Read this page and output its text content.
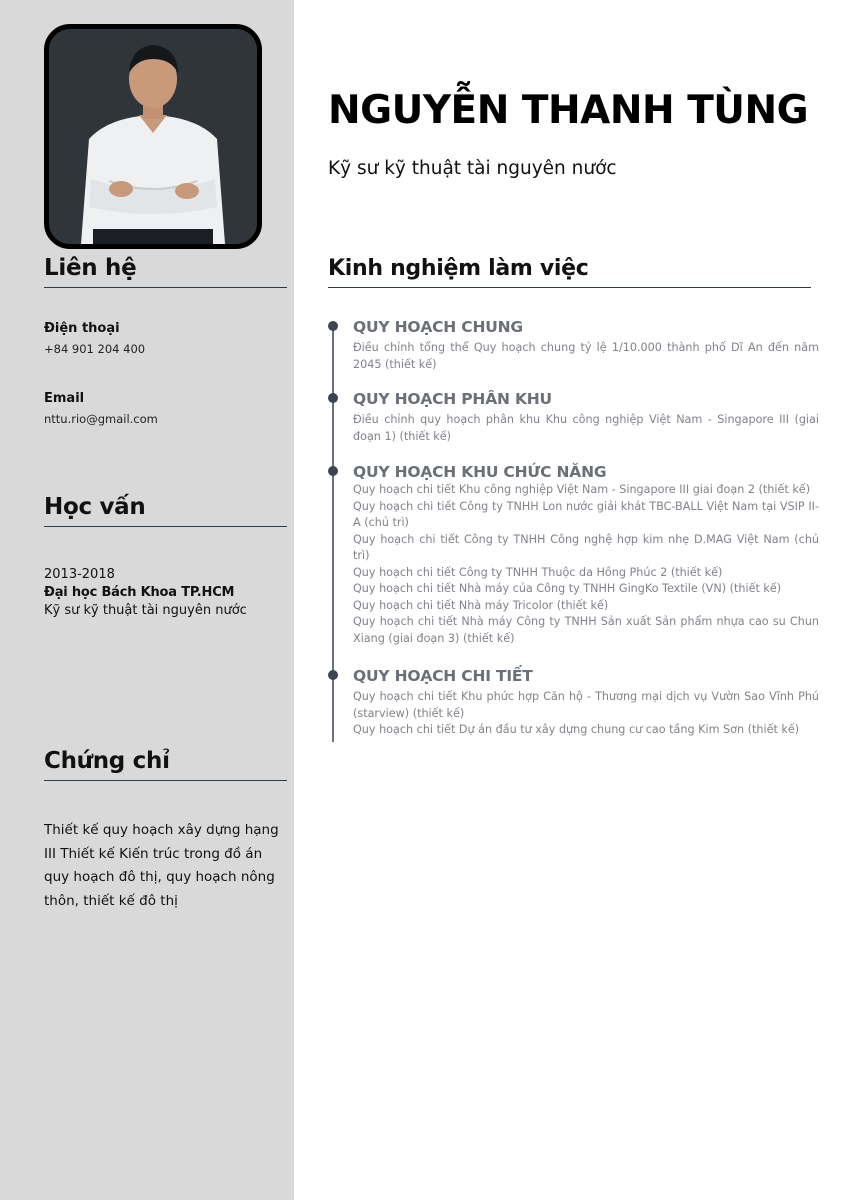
Liên hệ
Điện thoại
+84 901 204 400
Email
nttu.rio@gmail.com
Học vấn
2013-2018
Đại học Bách Khoa TP.HCM
Kỹ sư kỹ thuật tài nguyên nước
Chứng chỉ
Thiết kế quy hoạch xây dựng hạng III Thiết kế Kiến trúc trong đồ án quy hoạch đô thị, quy hoạch nông thôn, thiết kế đô thị
NGUYỄN THANH TÙNG
Kỹ sư kỹ thuật tài nguyên nước
Kinh nghiệm làm việc
QUY HOẠCH CHUNG
Điều chỉnh tổng thể Quy hoạch chung tỷ lệ 1/10.000 thành phố Dĩ An đến năm 2045 (thiết kế)
QUY HOẠCH PHÂN KHU
Điều chỉnh quy hoạch phân khu Khu công nghiệp Việt Nam - Singapore III (giai đoạn 1) (thiết kế)
QUY HOẠCH KHU CHỨC NĂNG
Quy hoạch chi tiết Khu công nghiệp Việt Nam - Singapore III giai đoạn 2 (thiết kế)
Quy hoạch chi tiết Công ty TNHH Lon nước giải khát TBC-BALL Việt Nam tại VSIP II-A (chủ trì)
Quy hoạch chi tiết Công ty TNHH Công nghệ hợp kim nhẹ D.MAG Việt Nam (chủ trì)
Quy hoạch chi tiết Công ty TNHH Thuộc da Hồng Phúc 2 (thiết kế)
Quy hoạch chi tiết Nhà máy của Công ty TNHH GingKo Textile (VN) (thiết kế)
Quy hoạch chi tiết Nhà máy Tricolor (thiết kế)
Quy hoạch chi tiết Nhà máy Công ty TNHH Sản xuất Sản phẩm nhựa cao su Chun Xiang (giai đoạn 3) (thiết kế)
QUY HOẠCH CHI TIẾT
Quy hoạch chi tiết Khu phức hợp Căn hộ - Thương mại dịch vụ Vườn Sao Vĩnh Phú (starview) (thiết kế)
Quy hoạch chi tiết Dự án đầu tư xây dựng chung cư cao tầng Kim Sơn (thiết kế)
